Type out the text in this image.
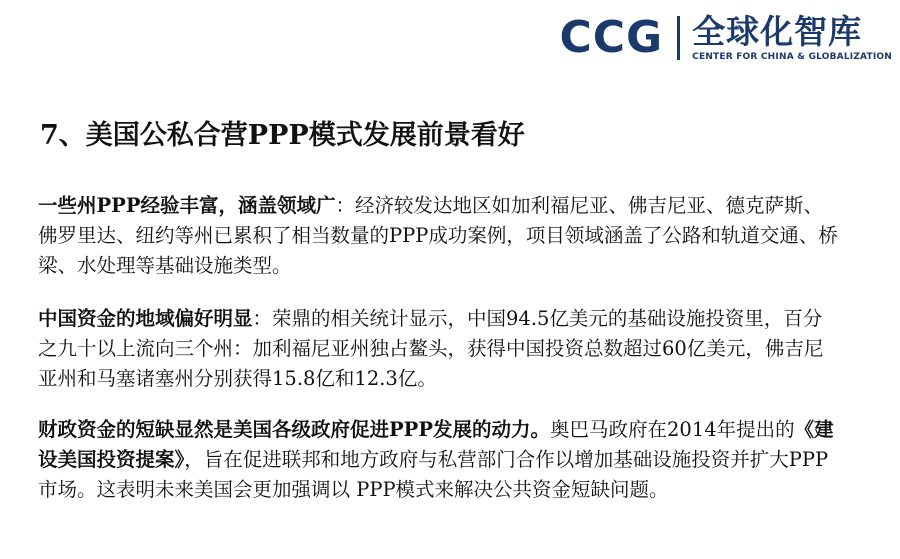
CCG 全球化智库
CENTER FOR CHINA & GLOBALIZATION
7、美国公私合营PPP模式发展前景看好

一些州PPP经验丰富，涵盖领域广：经济较发达地区如加利福尼亚、佛吉尼亚、德克萨斯、佛罗里达、纽约等州已累积了相当数量的PPP成功案例，项目领域涵盖了公路和轨道交通、桥梁、水处理等基础设施类型。

中国资金的地域偏好明显：荣鼎的相关统计显示，中国94.5亿美元的基础设施投资里，百分之九十以上流向三个州：加利福尼亚州独占鳌头，获得中国投资总数超过60亿美元，佛吉尼亚州和马塞诸塞州分别获得15.8亿和12.3亿。

财政资金的短缺显然是美国各级政府促进PPP发展的动力。奥巴马政府在2014年提出的《建设美国投资提案》，旨在促进联邦和地方政府与私营部门合作以增加基础设施投资并扩大PPP市场。这表明未来美国会更加强调以 PPP模式来解决公共资金短缺问题。
